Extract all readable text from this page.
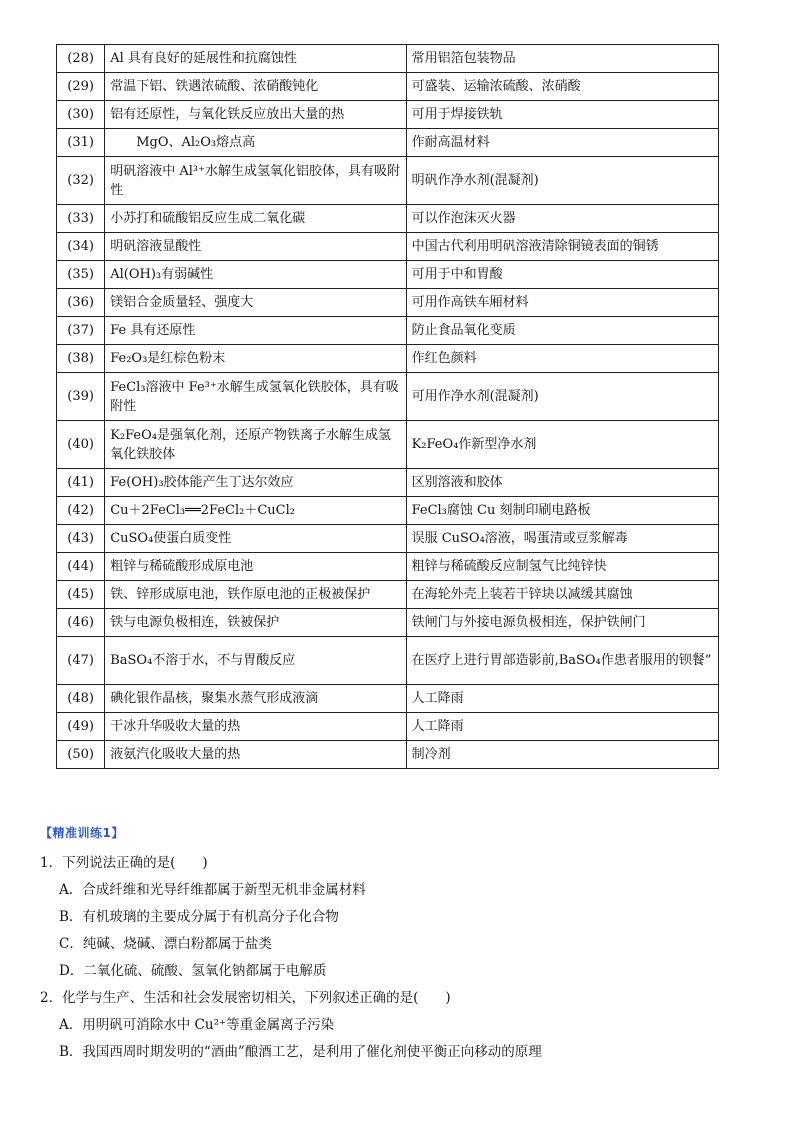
(28)	Al 具有良好的延展性和抗腐蚀性	常用铝箔包装物品
(29)	常温下铝、铁遇浓硫酸、浓硝酸钝化	可盛装、运输浓硫酸、浓硝酸
(30)	铝有还原性，与氧化铁反应放出大量的热	可用于焊接铁轨
(31)	　　MgO、Al₂O₃熔点高	作耐高温材料
(32)	明矾溶液中 Al³⁺水解生成氢氧化铝胶体，具有吸附性	明矾作净水剂(混凝剂)
(33)	小苏打和硫酸铝反应生成二氧化碳	可以作泡沫灭火器
(34)	明矾溶液显酸性	中国古代利用明矾溶液清除铜镜表面的铜锈
(35)	Al(OH)₃有弱碱性	可用于中和胃酸
(36)	镁铝合金质量轻、强度大	可用作高铁车厢材料
(37)	Fe 具有还原性	防止食品氧化变质
(38)	Fe₂O₃是红棕色粉末	作红色颜料
(39)	FeCl₃溶液中 Fe³⁺水解生成氢氧化铁胶体，具有吸附性	可用作净水剂(混凝剂)
(40)	K₂FeO₄是强氧化剂，还原产物铁离子水解生成氢氧化铁胶体	K₂FeO₄作新型净水剂
(41)	Fe(OH)₃胶体能产生丁达尔效应	区别溶液和胶体
(42)	Cu＋2FeCl₃══2FeCl₂＋CuCl₂	FeCl₃腐蚀 Cu 刻制印刷电路板
(43)	CuSO₄使蛋白质变性	误服 CuSO₄溶液，喝蛋清或豆浆解毒
(44)	粗锌与稀硫酸形成原电池	粗锌与稀硫酸反应制氢气比纯锌快
(45)	铁、锌形成原电池，铁作原电池的正极被保护	在海轮外壳上装若干锌块以减缓其腐蚀
(46)	铁与电源负极相连，铁被保护	铁闸门与外接电源负极相连，保护铁闸门
(47)	BaSO₄不溶于水，不与胃酸反应	在医疗上进行胃部造影前,BaSO₄作患者服用的钡餐”
(48)	碘化银作晶核，聚集水蒸气形成液滴	人工降雨
(49)	干冰升华吸收大量的热	人工降雨
(50)	液氨汽化吸收大量的热	制冷剂
【精准训练1】
1．下列说法正确的是(　　)
A．合成纤维和光导纤维都属于新型无机非金属材料
B．有机玻璃的主要成分属于有机高分子化合物
C．纯碱、烧碱、漂白粉都属于盐类
D．二氧化硫、硫酸、氢氧化钠都属于电解质
2．化学与生产、生活和社会发展密切相关，下列叙述正确的是(　　)
A．用明矾可消除水中 Cu²⁺等重金属离子污染
B．我国西周时期发明的“酒曲”酿酒工艺，是利用了催化剂使平衡正向移动的原理
